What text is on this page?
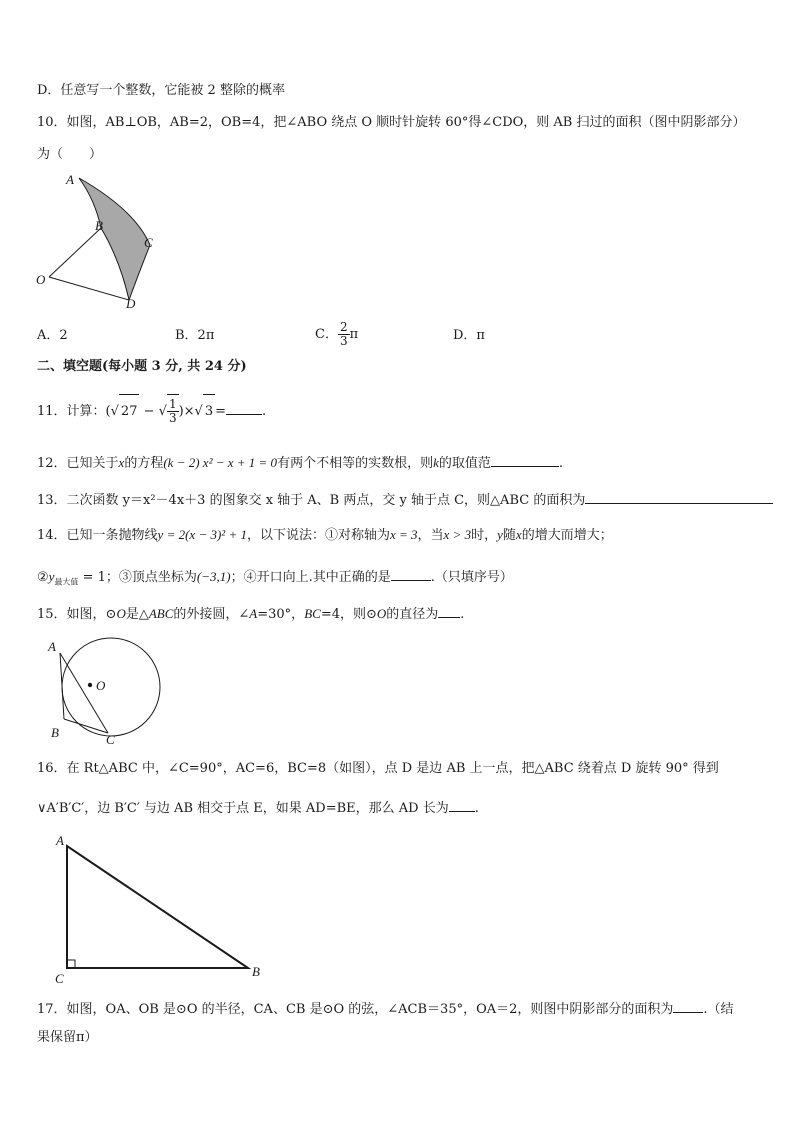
D．任意写一个整数，它能被 2 整除的概率
10．如图，AB⊥OB，AB=2，OB=4，把∠ABO 绕点 O 顺时针旋转 60°得∠CDO，则 AB 扫过的面积（图中阴影部分）
为（　　）
A
B
C
O
D
A．2	B．2π	C． $\frac{2}{3}$ π	D．π
二、填空题(每小题 3 分, 共 24 分)
11．计算：(√ 27 − √ $\frac{1}{3}$ )×√ 3 =	.
12．已知关于x的方程(k − 2) x² − x + 1 = 0有两个不相等的实数根，则k的取值范	.
13．二次函数 y＝x²－4x＋3 的图象交 x 轴于 A、B 两点，交 y 轴于点 C，则△ABC 的面积为
14．已知一条抛物线y = 2(x − 3)² + 1，以下说法：①对称轴为x = 3，当x > 3时，y随x的增大而增大；
$②y_{最大值} = 1$；③顶点坐标为(−3,1)；④开口向上.其中正确的是	.（只填序号）
15．如图，⊙O是△ABC的外接圆，∠A=30°，BC=4，则⊙O的直径为 .
A
O
B	C
16．在 Rt△ABC 中，∠C=90°，AC=6，BC=8（如图），点 D 是边 AB 上一点，把△ABC 绕着点 D 旋转 90° 得到
∨A′B′C′，边 B′C′ 与边 AB 相交于点 E，如果 AD=BE，那么 AD 长为 .
A
C	B
17．如图，OA、OB 是⊙O 的半径，CA、CB 是⊙O 的弦，∠ACB＝35°，OA＝2，则图中阴影部分的面积为 .（结
果保留π）
